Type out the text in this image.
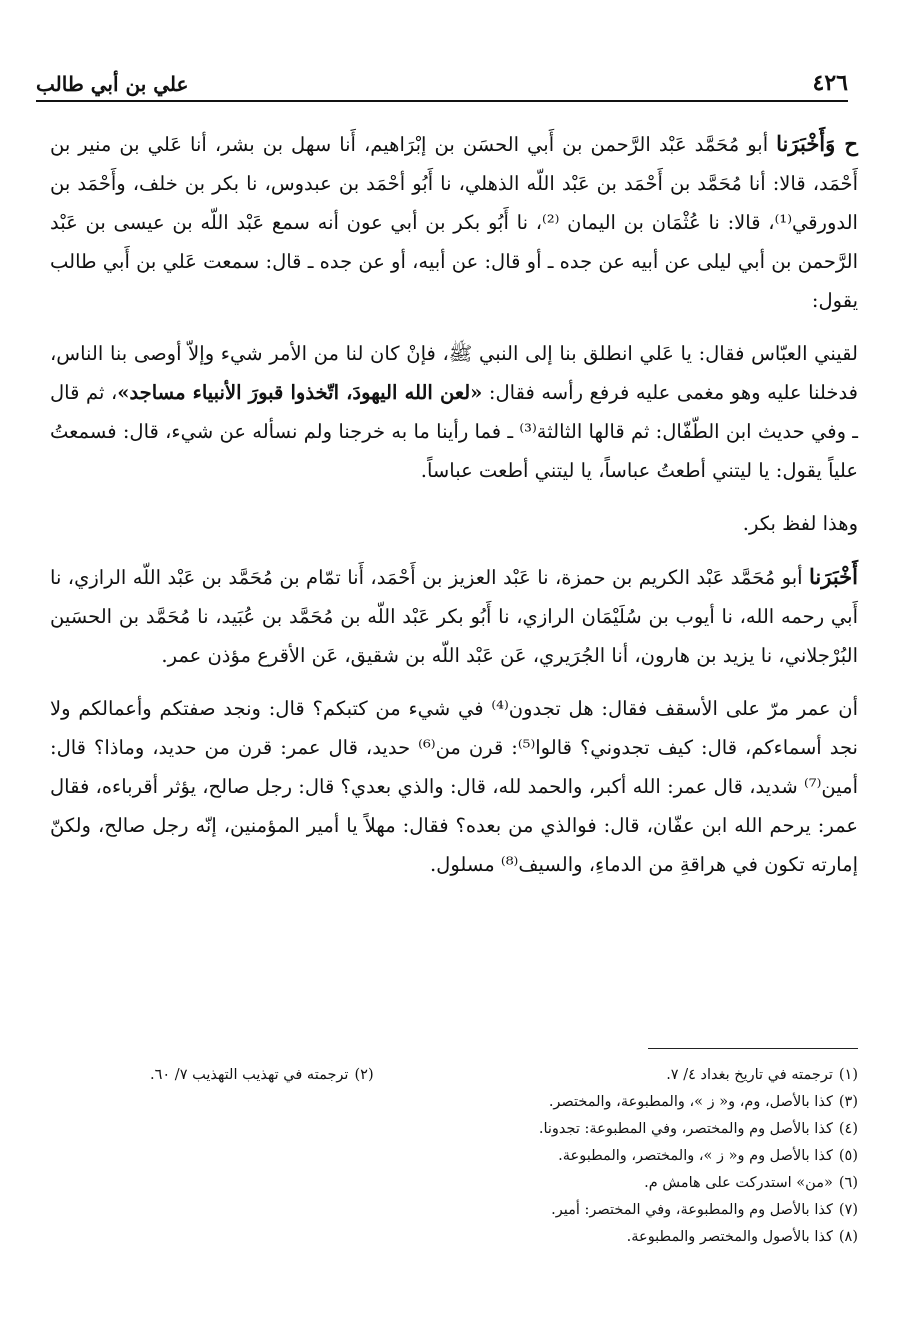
٤٢٦
علي بن أبي طالب

ح وَأَخْبَرَنا أبو مُحَمَّد عَبْد الرَّحمن بن أَبي الحسَن بن إبْرَاهيم، أَنا سهل بن بشر، أنا عَلي بن منير بن أَحْمَد، قالا: أنا مُحَمَّد بن أَحْمَد بن عَبْد اللّه الذهلي، نا أَبُو أحْمَد بن عبدوس، نا بكر بن خلف، وأَحْمَد بن الدورقي⁽¹⁾، قالا: نا عُثْمَان بن اليمان ⁽²⁾، نا أَبُو بكر بن أبي عون أنه سمع عَبْد اللّه بن عيسى بن عَبْد الرَّحمن بن أبي ليلى عن أبيه عن جده ـ أو قال: عن أبيه، أو عن جده ـ قال: سمعت عَلي بن أَبي طالب يقول:

لقيني العبّاس فقال: يا عَلي انطلق بنا إلى النبي ﷺ، فإنْ كان لنا من الأمر شيء وإلاّ أوصى بنا الناس، فدخلنا عليه وهو مغمى عليه فرفع رأسه فقال: «لعن الله اليهودَ، اتّخذوا قبورَ الأنبياء مساجد»، ثم قال ـ وفي حديث ابن الطّفّال: ثم قالها الثالثة⁽³⁾ ـ فما رأينا ما به خرجنا ولم نسأله عن شيء، قال: فسمعتُ علياً يقول: يا ليتني أطعتُ عباساً، يا ليتني أطعت عباساً.

وهذا لفظ بكر.

أَخْبَرَنا أبو مُحَمَّد عَبْد الكريم بن حمزة، نا عَبْد العزيز بن أَحْمَد، أَنا تمّام بن مُحَمَّد بن عَبْد اللّه الرازي، نا أَبي رحمه الله، نا أيوب بن سُلَيْمَان الرازي، نا أَبُو بكر عَبْد اللّه بن مُحَمَّد بن عُبَيد، نا مُحَمَّد بن الحسَين البُرْجلاني، نا يزيد بن هارون، أنا الجُرَيري، عَن عَبْد اللّه بن شقيق، عَن الأقرع مؤذن عمر.

أن عمر مرّ على الأسقف فقال: هل تجدون⁽⁴⁾ في شيء من كتبكم؟ قال: ونجد صفتكم وأعمالكم ولا نجد أسماءكم، قال: كيف تجدوني؟ قالوا⁽⁵⁾: قرن من⁽⁶⁾ حديد، قال عمر: قرن من حديد، وماذا؟ قال: أمين⁽⁷⁾ شديد، قال عمر: الله أكبر، والحمد لله، قال: والذي بعدي؟ قال: رجل صالح، يؤثر أقرباءه، فقال عمر: يرحم الله ابن عفّان، قال: فوالذي من بعده؟ فقال: مهلاً يا أمير المؤمنين، إنّه رجل صالح، ولكنّ إمارته تكون في هراقةِ من الدماءِ، والسيف⁽⁸⁾ مسلول.

(١)
ترجمته في تاريخ بغداد ٤/ ٧.
(٢)
ترجمته في تهذيب التهذيب ٧/ ٦٠.
(٣)
كذا بالأصل، وم، و« ز »، والمطبوعة، والمختصر.
(٤)
كذا بالأصل وم والمختصر، وفي المطبوعة: تجدونا.
(٥)
كذا بالأصل وم و« ز »، والمختصر، والمطبوعة.
(٦)
«من» استدركت على هامش م.
(٧)
كذا بالأصل وم والمطبوعة، وفي المختصر: أمير.
(٨)
كذا بالأصول والمختصر والمطبوعة.
